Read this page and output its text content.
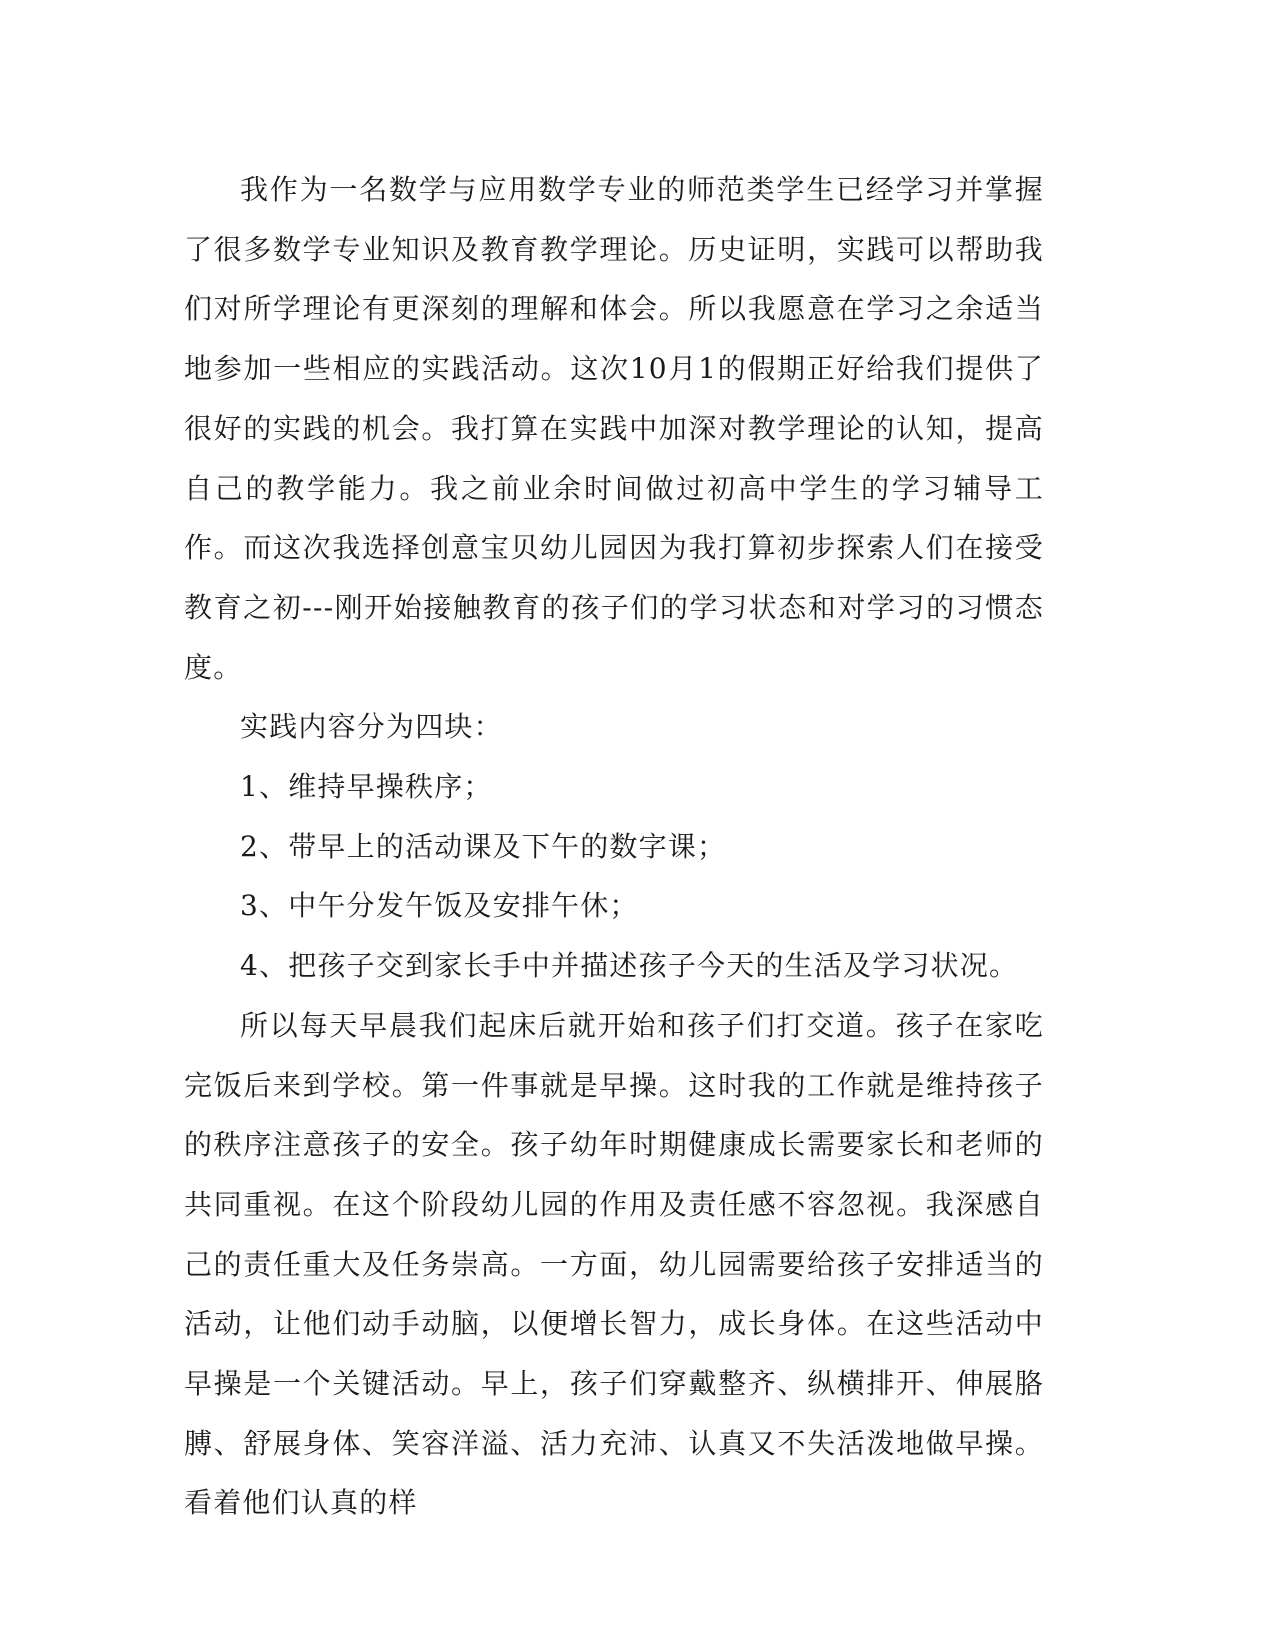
我作为一名数学与应用数学专业的师范类学生已经学习并掌握了很多数学专业知识及教育教学理论。历史证明，实践可以帮助我们对所学理论有更深刻的理解和体会。所以我愿意在学习之余适当地参加一些相应的实践活动。这次10月1的假期正好给我们提供了很好的实践的机会。我打算在实践中加深对教学理论的认知，提高自己的教学能力。我之前业余时间做过初高中学生的学习辅导工作。而这次我选择创意宝贝幼儿园因为我打算初步探索人们在接受教育之初---刚开始接触教育的孩子们的学习状态和对学习的习惯态度。

实践内容分为四块：

1、维持早操秩序；

2、带早上的活动课及下午的数字课；

3、中午分发午饭及安排午休；

4、把孩子交到家长手中并描述孩子今天的生活及学习状况。

所以每天早晨我们起床后就开始和孩子们打交道。孩子在家吃完饭后来到学校。第一件事就是早操。这时我的工作就是维持孩子的秩序注意孩子的安全。孩子幼年时期健康成长需要家长和老师的共同重视。在这个阶段幼儿园的作用及责任感不容忽视。我深感自己的责任重大及任务崇高。一方面，幼儿园需要给孩子安排适当的活动，让他们动手动脑，以便增长智力，成长身体。在这些活动中早操是一个关键活动。早上，孩子们穿戴整齐、纵横排开、伸展胳膊、舒展身体、笑容洋溢、活力充沛、认真又不失活泼地做早操。看着他们认真的样
